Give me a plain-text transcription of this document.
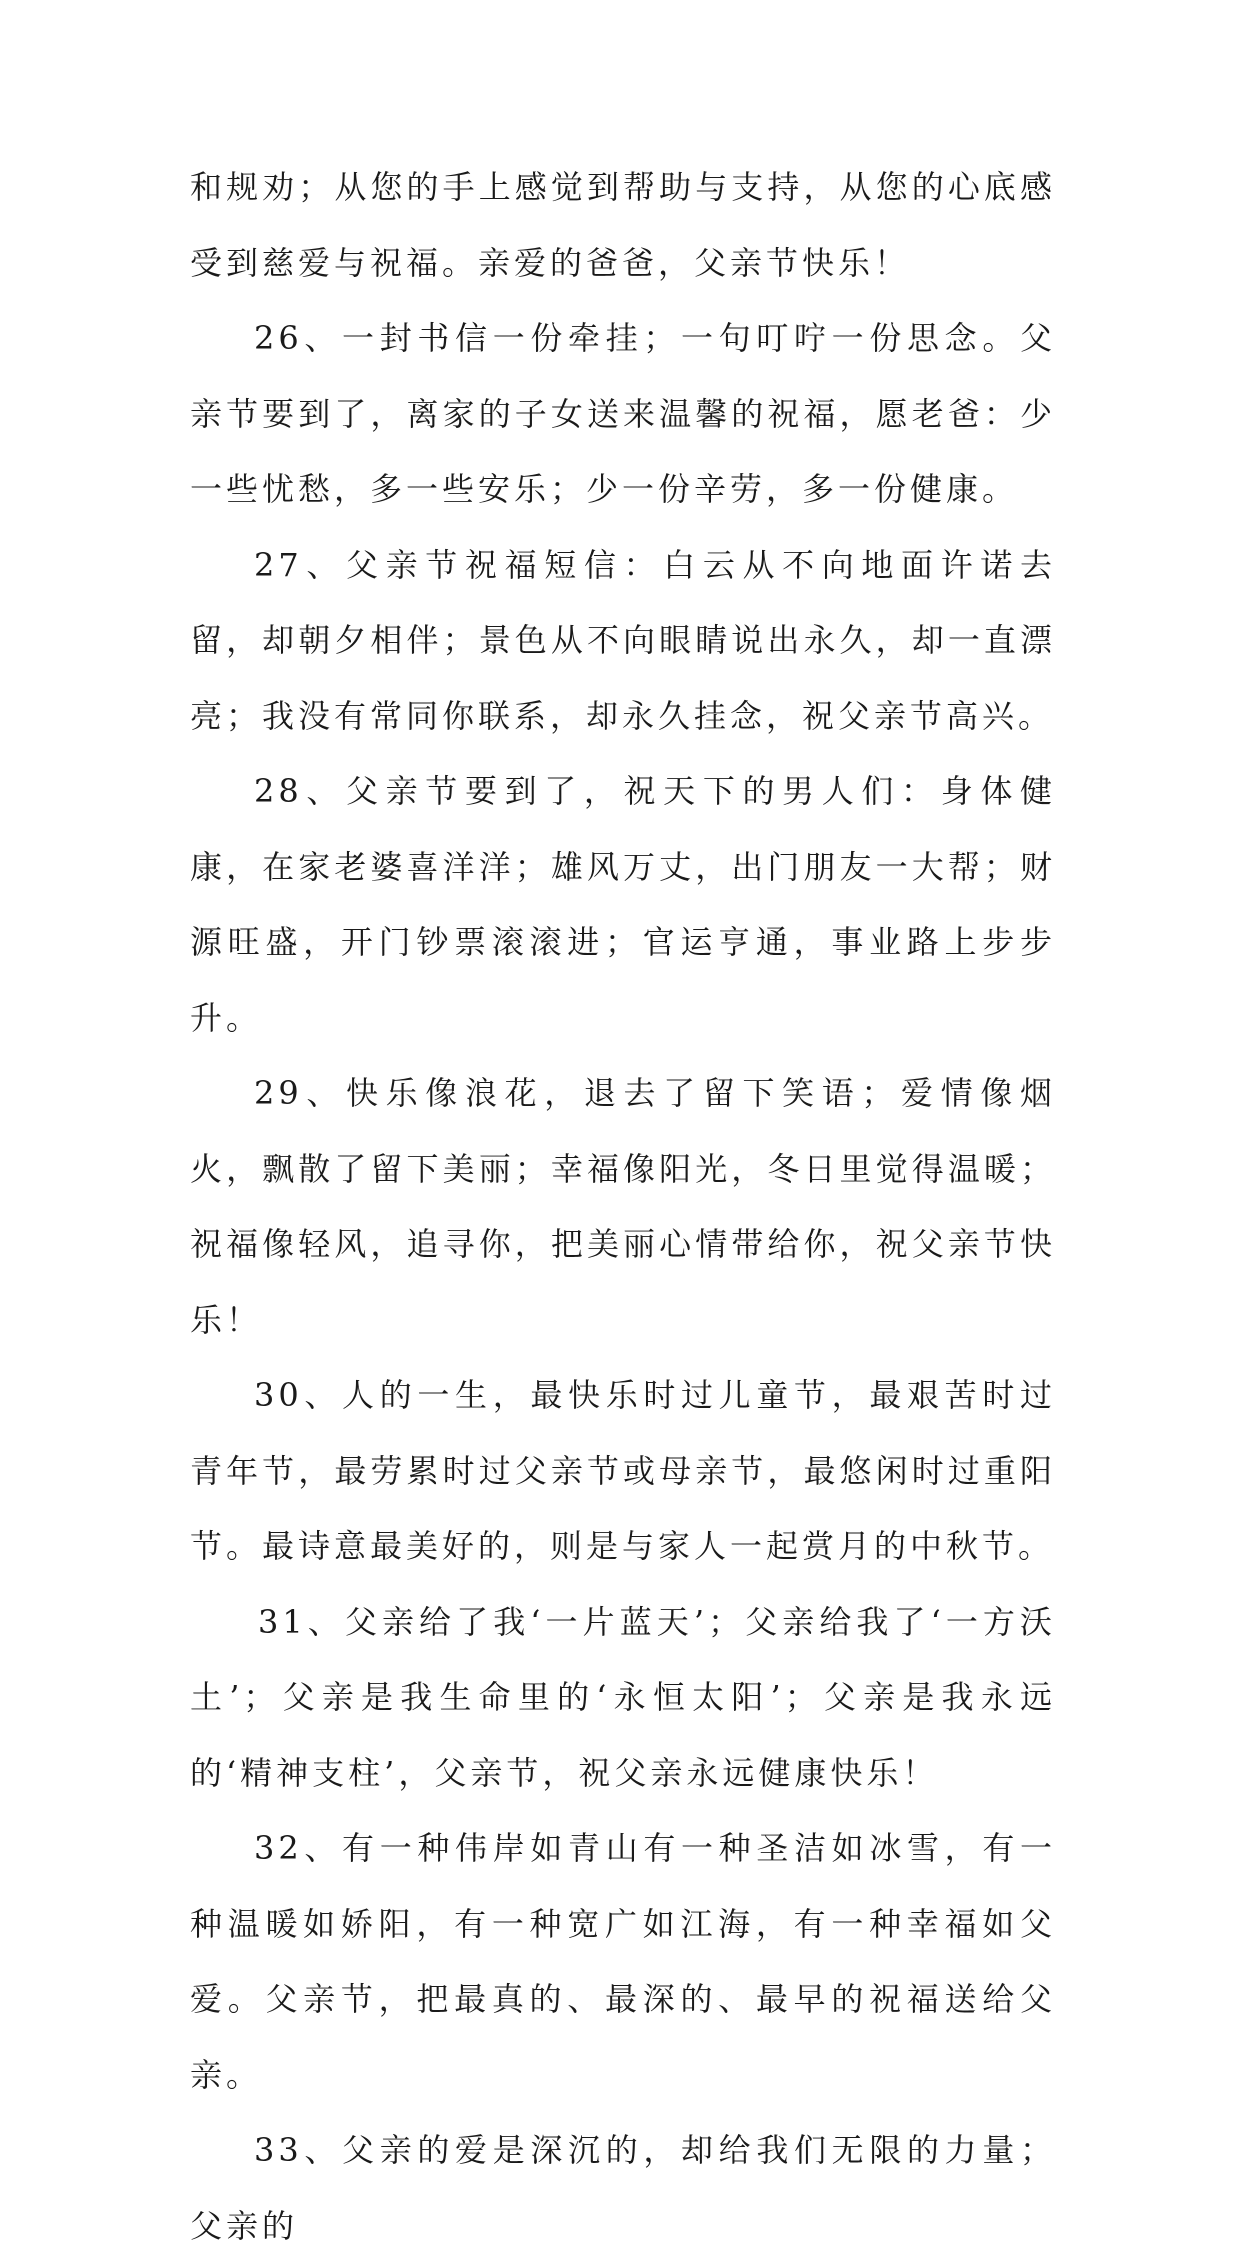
和规劝；从您的手上感觉到帮助与支持，从您的心底感受到慈爱与祝福。亲爱的爸爸，父亲节快乐！

26、一封书信一份牵挂；一句叮咛一份思念。父亲节要到了，离家的子女送来温馨的祝福，愿老爸：少一些忧愁，多一些安乐；少一份辛劳，多一份健康。

27、父亲节祝福短信：白云从不向地面许诺去留，却朝夕相伴；景色从不向眼睛说出永久，却一直漂亮；我没有常同你联系，却永久挂念，祝父亲节高兴。

28、父亲节要到了，祝天下的男人们：身体健康，在家老婆喜洋洋；雄风万丈，出门朋友一大帮；财源旺盛，开门钞票滚滚进；官运亨通，事业路上步步升。

29、快乐像浪花，退去了留下笑语；爱情像烟火，飘散了留下美丽；幸福像阳光，冬日里觉得温暖；祝福像轻风，追寻你，把美丽心情带给你，祝父亲节快乐！

30、人的一生，最快乐时过儿童节，最艰苦时过青年节，最劳累时过父亲节或母亲节，最悠闲时过重阳节。最诗意最美好的，则是与家人一起赏月的中秋节。

31、父亲给了我‘一片蓝天’；父亲给我了‘一方沃土’；父亲是我生命里的‘永恒太阳’；父亲是我永远的‘精神支柱’，父亲节，祝父亲永远健康快乐！

32、有一种伟岸如青山有一种圣洁如冰雪，有一种温暖如娇阳，有一种宽广如江海，有一种幸福如父爱。父亲节，把最真的、最深的、最早的祝福送给父亲。

33、父亲的爱是深沉的，却给我们无限的力量；父亲的
